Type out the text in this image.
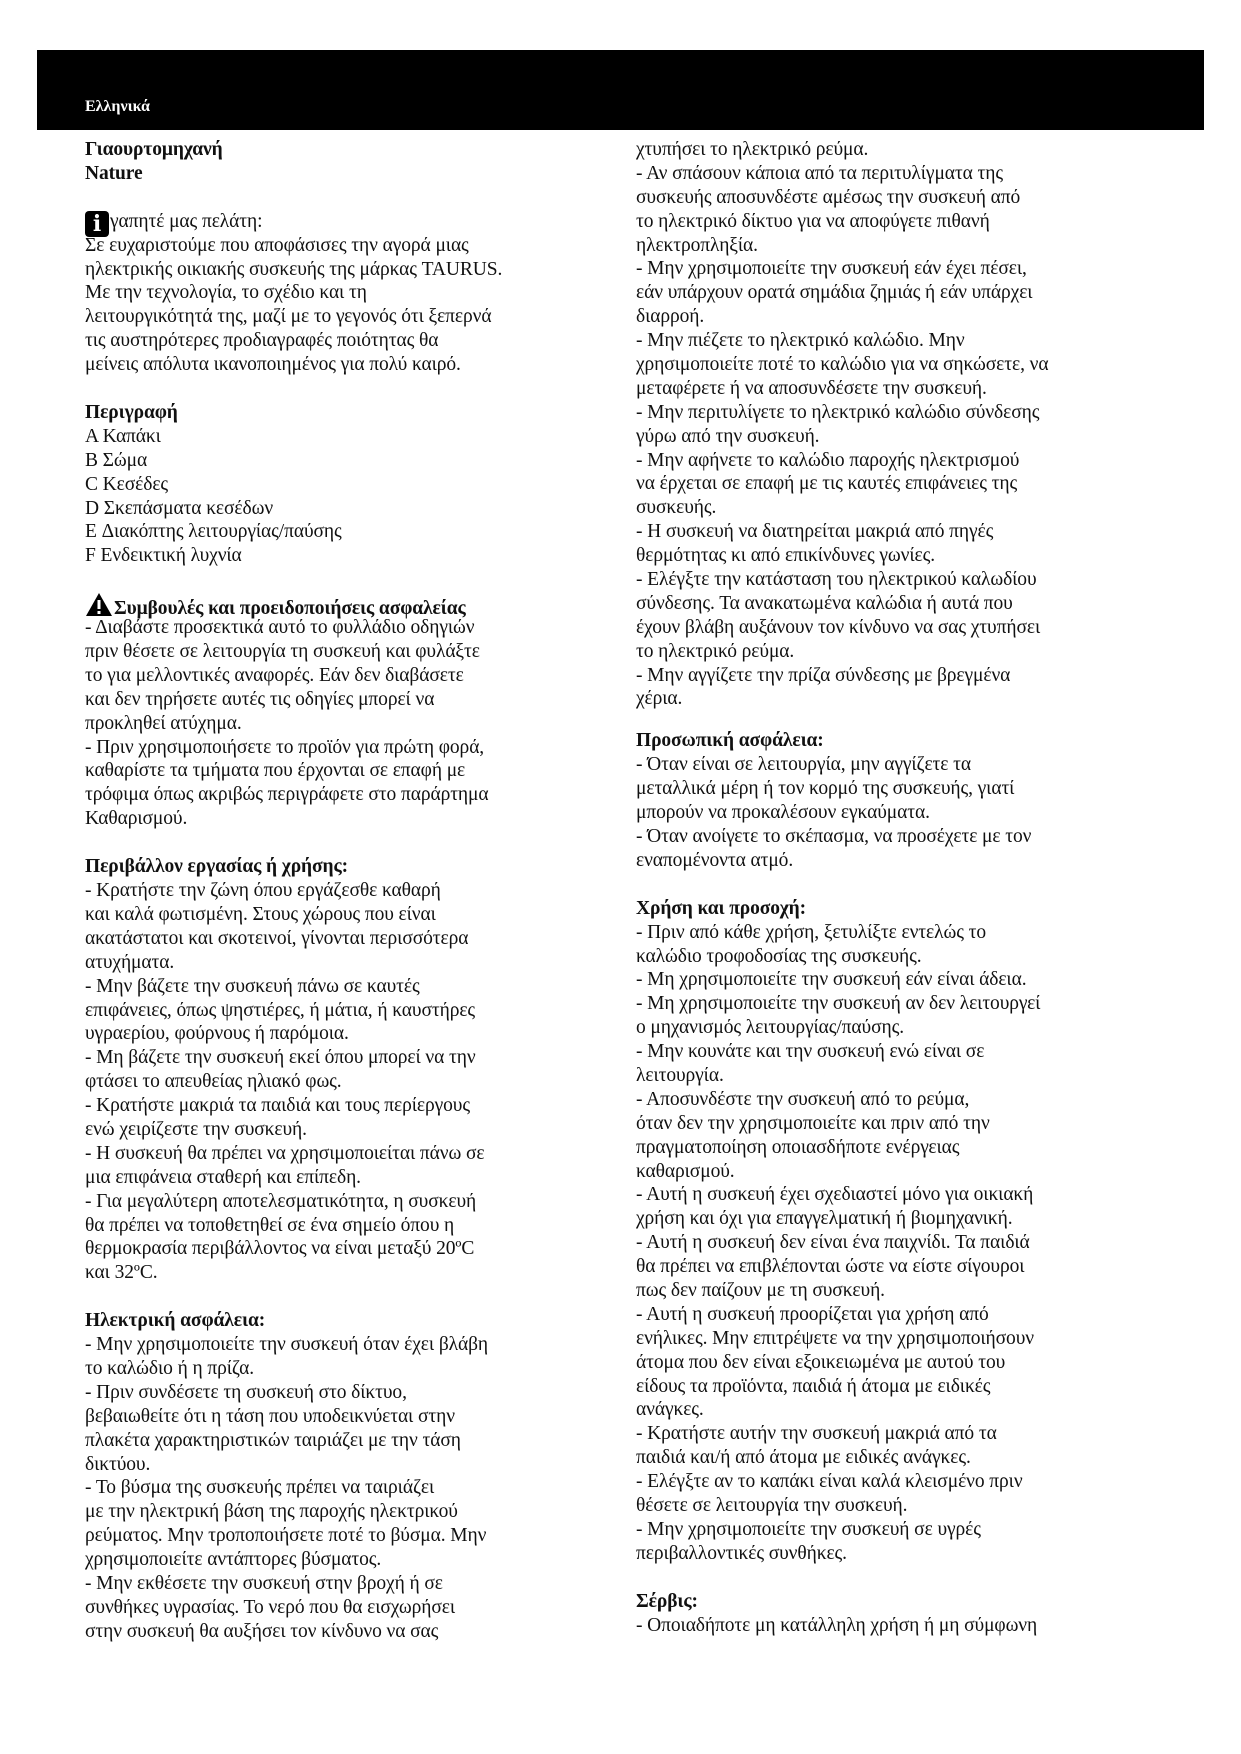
Ελληνικά
Γιαουρτομηχανή
Nature
i γαπητέ μας πελάτη:
Σε ευχαριστούμε που αποφάσισες την αγορά μιας
ηλεκτρικής οικιακής συσκευής της μάρκας TAURUS.
Με την τεχνολογία, το σχέδιο και τη
λειτουργικότητά της, μαζί με το γεγονός ότι ξεπερνά
τις αυστηρότερες προδιαγραφές ποιότητας θα
μείνεις απόλυτα ικανοποιημένος για πολύ καιρό.
Περιγραφή
A Καπάκι
B Σώμα
C Κεσέδες
D Σκεπάσματα κεσέδων
E Διακόπτης λειτουργίας/παύσης
F Ενδεικτική λυχνία
Συμβουλές και προειδοποιήσεις ασφαλείας
- Διαβάστε προσεκτικά αυτό το φυλλάδιο οδηγιών
πριν θέσετε σε λειτουργία τη συσκευή και φυλάξτε
το για μελλοντικές αναφορές. Εάν δεν διαβάσετε
και δεν τηρήσετε αυτές τις οδηγίες μπορεί να
προκληθεί ατύχημα.
- Πριν χρησιμοποιήσετε το προϊόν για πρώτη φορά,
καθαρίστε τα τμήματα που έρχονται σε επαφή με
τρόφιμα όπως ακριβώς περιγράφετε στο παράρτημα
Καθαρισμού.
Περιβάλλον εργασίας ή χρήσης:
- Κρατήστε την ζώνη όπου εργάζεσθε καθαρή
και καλά φωτισμένη. Στους χώρους που είναι
ακατάστατοι και σκοτεινοί, γίνονται περισσότερα
ατυχήματα.
- Μην βάζετε την συσκευή πάνω σε καυτές
επιφάνειες, όπως ψηστιέρες, ή μάτια, ή καυστήρες
υγραερίου, φούρνους ή παρόμοια.
- Μη βάζετε την συσκευή εκεί όπου μπορεί να την
φτάσει το απευθείας ηλιακό φως.
- Κρατήστε μακριά τα παιδιά και τους περίεργους
ενώ χειρίζεστε την συσκευή.
- Η συσκευή θα πρέπει να χρησιμοποιείται πάνω σε
μια επιφάνεια σταθερή και επίπεδη.
- Για μεγαλύτερη αποτελεσματικότητα, η συσκευή
θα πρέπει να τοποθετηθεί σε ένα σημείο όπου η
θερμοκρασία περιβάλλοντος να είναι μεταξύ 20ºC
και 32ºC.
Ηλεκτρική ασφάλεια:
- Μην χρησιμοποιείτε την συσκευή όταν έχει βλάβη
το καλώδιο ή η πρίζα.
- Πριν συνδέσετε τη συσκευή στο δίκτυο,
βεβαιωθείτε ότι η τάση που υποδεικνύεται στην
πλακέτα χαρακτηριστικών ταιριάζει με την τάση
δικτύου.
- Το βύσμα της συσκευής πρέπει να ταιριάζει
με την ηλεκτρική βάση της παροχής ηλεκτρικού
ρεύματος. Μην τροποποιήσετε ποτέ το βύσμα. Μην
χρησιμοποιείτε αντάπτορες βύσματος.
- Μην εκθέσετε την συσκευή στην βροχή ή σε
συνθήκες υγρασίας. Το νερό που θα εισχωρήσει
στην συσκευή θα αυξήσει τον κίνδυνο να σας
χτυπήσει το ηλεκτρικό ρεύμα.
- Αν σπάσουν κάποια από τα περιτυλίγματα της
συσκευής αποσυνδέστε αμέσως την συσκευή από
το ηλεκτρικό δίκτυο για να αποφύγετε πιθανή
ηλεκτροπληξία.
- Μην χρησιμοποιείτε την συσκευή εάν έχει πέσει,
εάν υπάρχουν ορατά σημάδια ζημιάς ή εάν υπάρχει
διαρροή.
- Μην πιέζετε το ηλεκτρικό καλώδιο. Μην
χρησιμοποιείτε ποτέ το καλώδιο για να σηκώσετε, να
μεταφέρετε ή να αποσυνδέσετε την συσκευή.
- Μην περιτυλίγετε το ηλεκτρικό καλώδιο σύνδεσης
γύρω από την συσκευή.
- Μην αφήνετε το καλώδιο παροχής ηλεκτρισμού
να έρχεται σε επαφή με τις καυτές επιφάνειες της
συσκευής.
- Η συσκευή να διατηρείται μακριά από πηγές
θερμότητας κι από επικίνδυνες γωνίες.
- Ελέγξτε την κατάσταση του ηλεκτρικού καλωδίου
σύνδεσης. Τα ανακατωμένα καλώδια ή αυτά που
έχουν βλάβη αυξάνουν τον κίνδυνο να σας χτυπήσει
το ηλεκτρικό ρεύμα.
- Μην αγγίζετε την πρίζα σύνδεσης με βρεγμένα
χέρια.
Προσωπική ασφάλεια:
- Όταν είναι σε λειτουργία, μην αγγίζετε τα
μεταλλικά μέρη ή τον κορμό της συσκευής, γιατί
μπορούν να προκαλέσουν εγκαύματα.
- Όταν ανοίγετε το σκέπασμα, να προσέχετε με τον
εναπομένοντα ατμό.
Χρήση και προσοχή:
- Πριν από κάθε χρήση, ξετυλίξτε εντελώς το
καλώδιο τροφοδοσίας της συσκευής.
- Μη χρησιμοποιείτε την συσκευή εάν είναι άδεια.
- Μη χρησιμοποιείτε την συσκευή αν δεν λειτουργεί
ο μηχανισμός λειτουργίας/παύσης.
- Μην κουνάτε και την συσκευή ενώ είναι σε
λειτουργία.
- Αποσυνδέστε την συσκευή από το ρεύμα,
όταν δεν την χρησιμοποιείτε και πριν από την
πραγματοποίηση οποιασδήποτε ενέργειας
καθαρισμού.
- Αυτή η συσκευή έχει σχεδιαστεί μόνο για οικιακή
χρήση και όχι για επαγγελματική ή βιομηχανική.
- Αυτή η συσκευή δεν είναι ένα παιχνίδι. Τα παιδιά
θα πρέπει να επιβλέπονται ώστε να είστε σίγουροι
πως δεν παίζουν με τη συσκευή.
- Αυτή η συσκευή προορίζεται για χρήση από
ενήλικες. Μην επιτρέψετε να την χρησιμοποιήσουν
άτομα που δεν είναι εξοικειωμένα με αυτού του
είδους τα προϊόντα, παιδιά ή άτομα με ειδικές
ανάγκες.
- Κρατήστε αυτήν την συσκευή μακριά από τα
παιδιά και/ή από άτομα με ειδικές ανάγκες.
- Ελέγξτε αν το καπάκι είναι καλά κλεισμένο πριν
θέσετε σε λειτουργία την συσκευή.
- Μην χρησιμοποιείτε την συσκευή σε υγρές
περιβαλλοντικές συνθήκες.
Σέρβις:
- Οποιαδήποτε μη κατάλληλη χρήση ή μη σύμφωνη
